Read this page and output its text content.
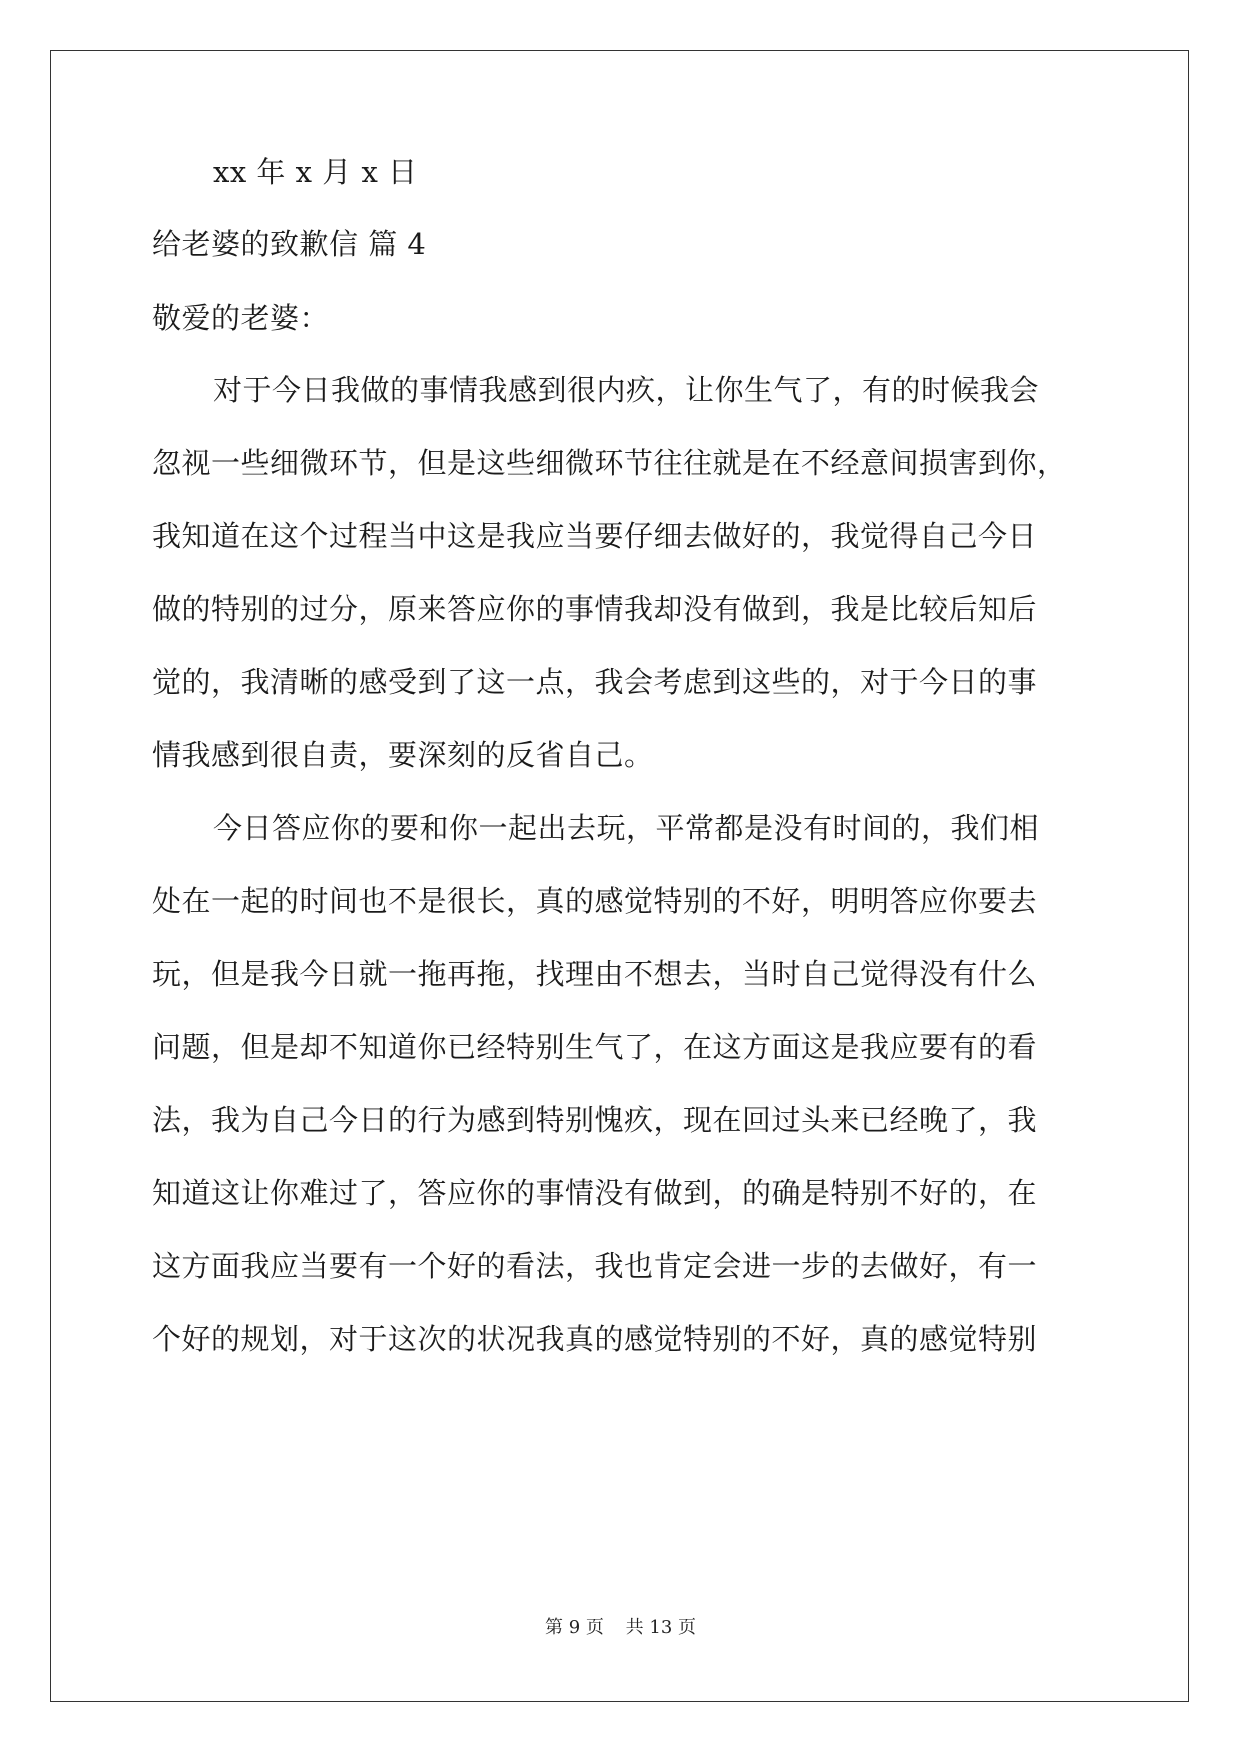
xx 年 x 月 x 日
给老婆的致歉信 篇 4
敬爱的老婆：
对于今日我做的事情我感到很内疚，让你生气了，有的时候我会
忽视一些细微环节，但是这些细微环节往往就是在不经意间损害到你，
我知道在这个过程当中这是我应当要仔细去做好的，我觉得自己今日
做的特别的过分，原来答应你的事情我却没有做到，我是比较后知后
觉的，我清晰的感受到了这一点，我会考虑到这些的，对于今日的事
情我感到很自责，要深刻的反省自己。
今日答应你的要和你一起出去玩，平常都是没有时间的，我们相
处在一起的时间也不是很长，真的感觉特别的不好，明明答应你要去
玩，但是我今日就一拖再拖，找理由不想去，当时自己觉得没有什么
问题，但是却不知道你已经特别生气了，在这方面这是我应要有的看
法，我为自己今日的行为感到特别愧疚，现在回过头来已经晚了，我
知道这让你难过了，答应你的事情没有做到，的确是特别不好的，在
这方面我应当要有一个好的看法，我也肯定会进一步的去做好，有一
个好的规划，对于这次的状况我真的感觉特别的不好，真的感觉特别
第 9 页 共 13 页
